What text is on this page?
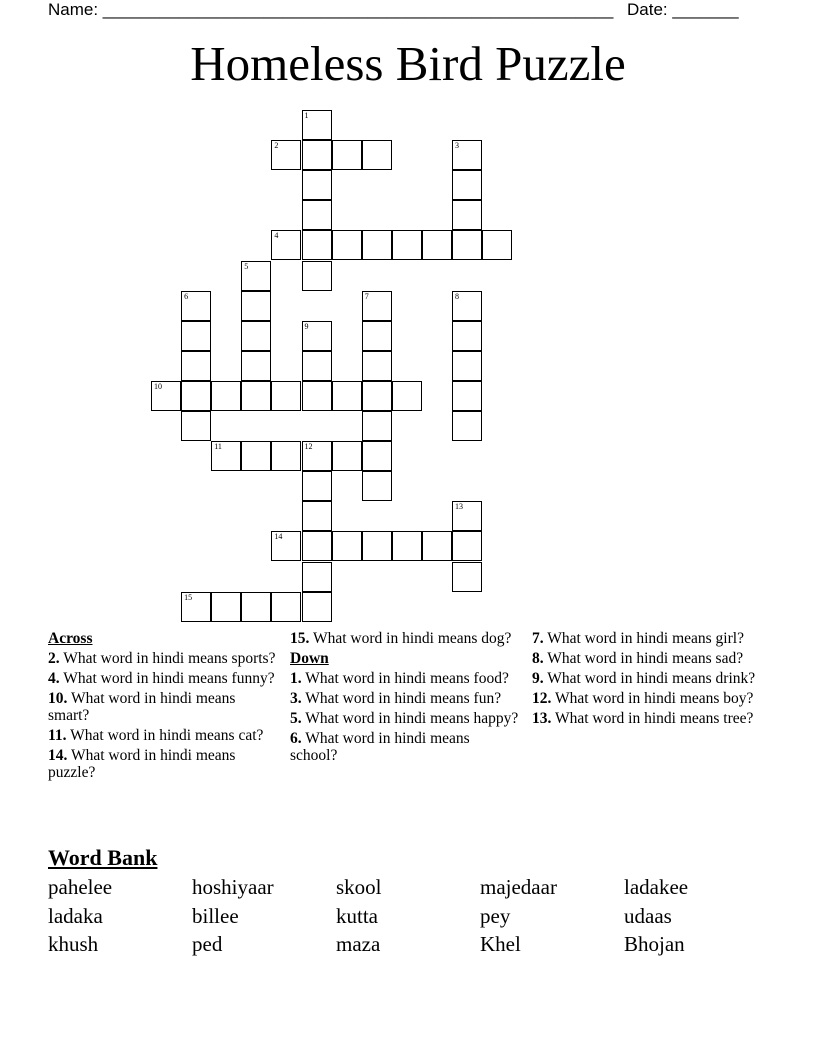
Name: ______________________________________________________ Date: _______
Homeless Bird Puzzle
1
2	3
4
5
6	7	8
9
10
11	12
13
14
15
Across
2. What word in hindi means sports?
4. What word in hindi means funny?
10. What word in hindi means smart?
11. What word in hindi means cat?
14. What word in hindi means puzzle?
15. What word in hindi means dog?
Down
1. What word in hindi means food?
3. What word in hindi means fun?
5. What word in hindi means happy?
6. What word in hindi means school?
7. What word in hindi means girl?
8. What word in hindi means sad?
9. What word in hindi means drink?
12. What word in hindi means boy?
13. What word in hindi means tree?
Word Bank
pahelee	hoshiyaar	skool	majedaar	ladakee
ladaka	billee	kutta	pey	udaas
khush	ped	maza	Khel	Bhojan
